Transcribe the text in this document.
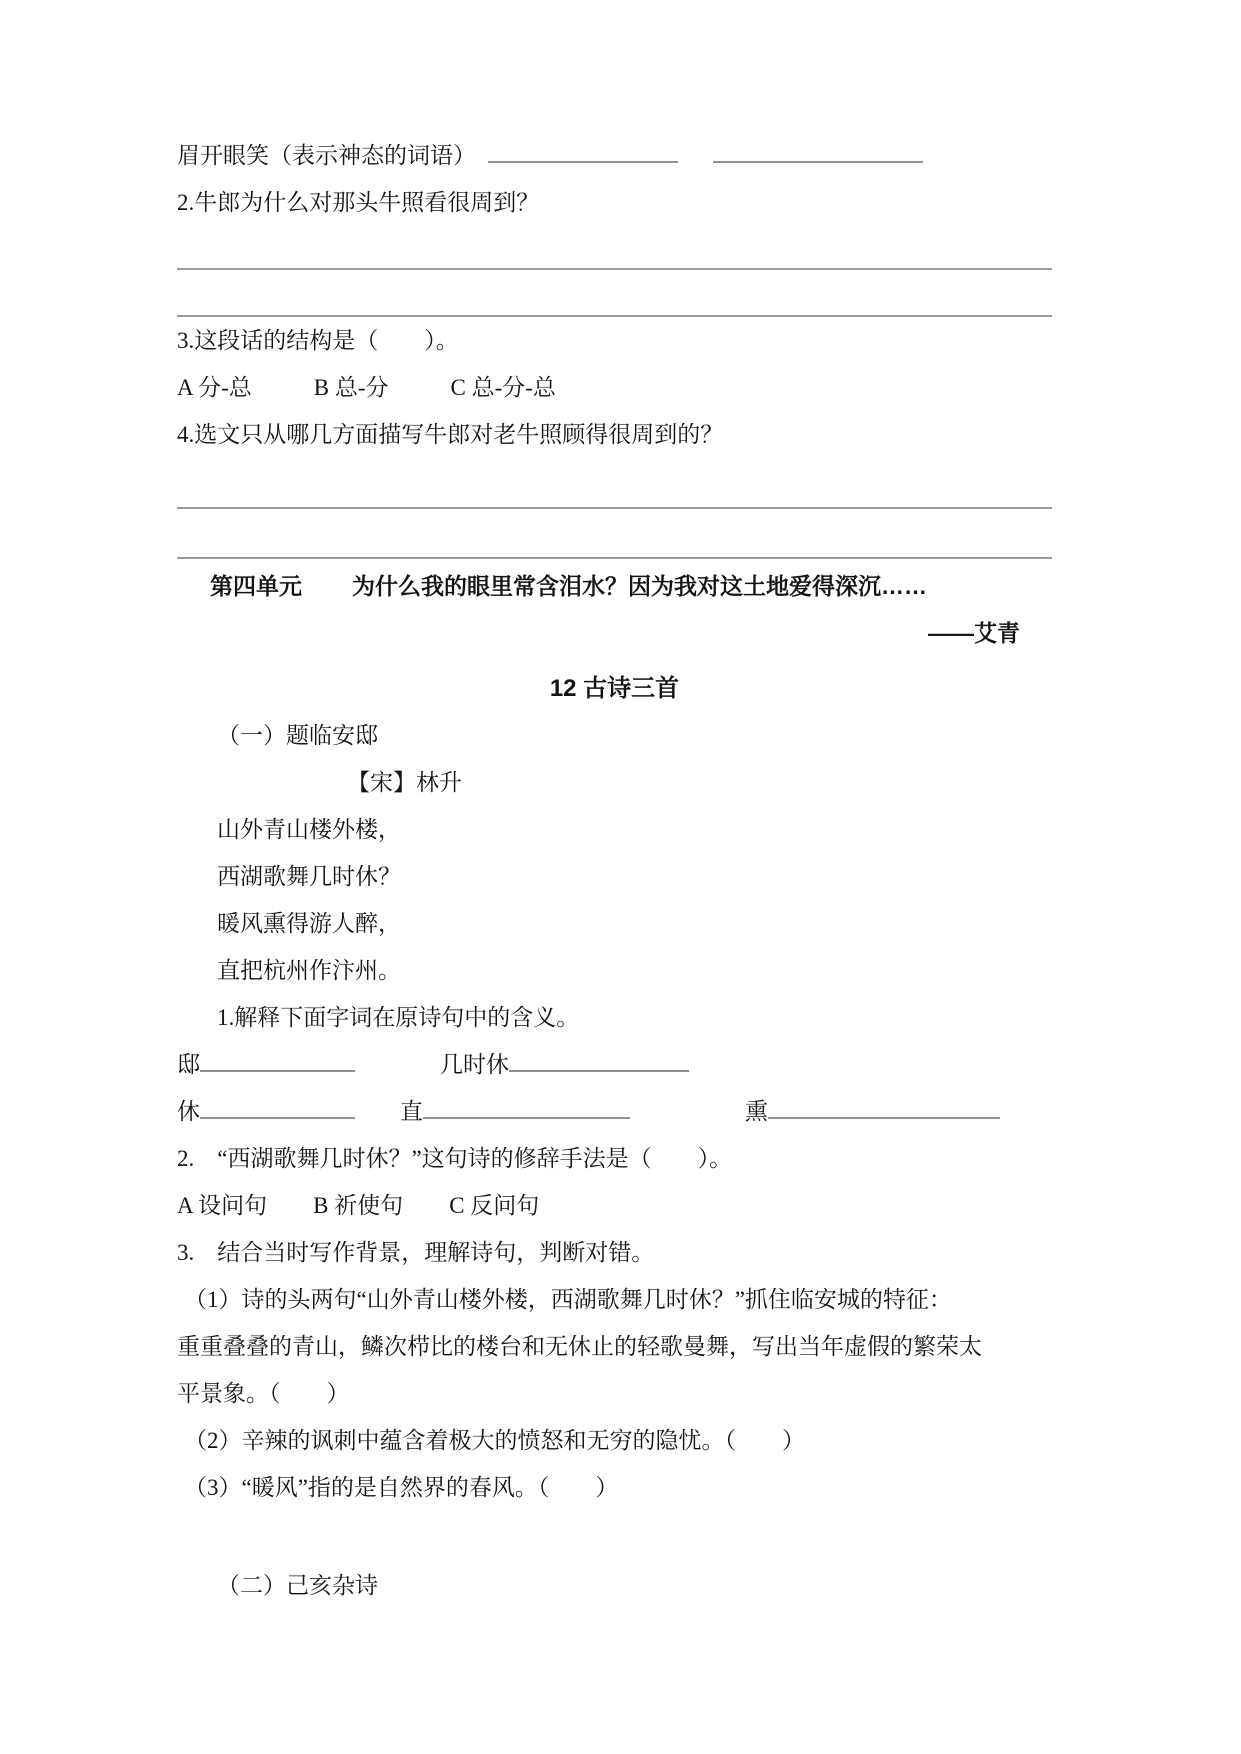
眉开眼笑（表示神态的词语）
2.牛郎为什么对那头牛照看很周到？
3.这段话的结构是（　　）。
A 分-总	B 总-分	C 总-分-总
4.选文只从哪几方面描写牛郎对老牛照顾得很周到的？
第四单元 为什么我的眼里常含泪水？因为我对这土地爱得深沉……
——艾青
12 古诗三首
（一）题临安邸
【宋】林升
山外青山楼外楼，
西湖歌舞几时休？
暖风熏得游人醉，
直把杭州作汴州。
1.解释下面字词在原诗句中的含义。
邸	几时休
休	直	熏
2.　“西湖歌舞几时休？”这句诗的修辞手法是（　　）。
A 设问句 B 祈使句 C 反问句
3.　结合当时写作背景，理解诗句，判断对错。
（1）诗的头两句“山外青山楼外楼，西湖歌舞几时休？”抓住临安城的特征：
重重叠叠的青山，鳞次栉比的楼台和无休止的轻歌曼舞，写出当年虚假的繁荣太
平景象。（　　）
（2）辛辣的讽刺中蕴含着极大的愤怒和无穷的隐忧。（　　）
（3）“暖风”指的是自然界的春风。（　　）
（二）己亥杂诗
